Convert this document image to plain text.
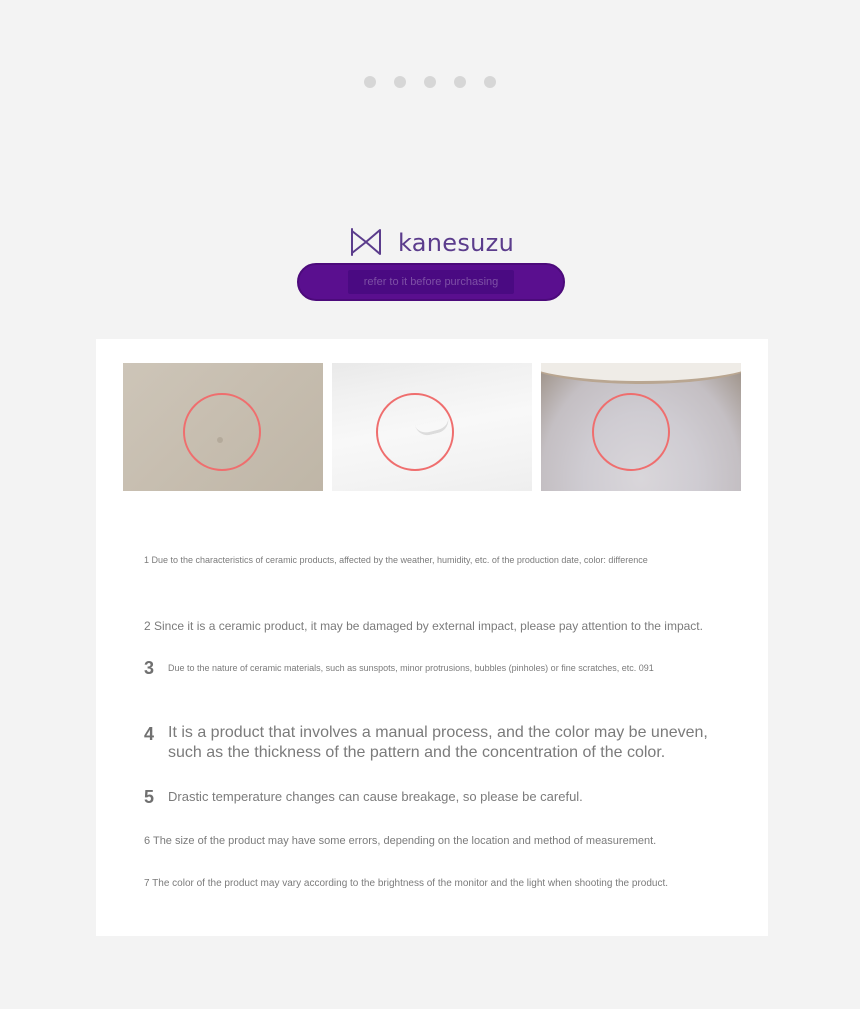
kanesuzu
refer to it before purchasing
1 Due to the characteristics of ceramic products, affected by the weather, humidity, etc. of the production date, color: difference
2 Since it is a ceramic product, it may be damaged by external impact, please pay attention to the impact.
3	Due to the nature of ceramic materials, such as sunspots, minor protrusions, bubbles (pinholes) or fine scratches, etc. 091
4 It is a product that involves a manual process, and the color may be uneven, such as the thickness of the pattern and the concentration of the color.
5	Drastic temperature changes can cause breakage, so please be careful.
6 The size of the product may have some errors, depending on the location and method of measurement.
7 The color of the product may vary according to the brightness of the monitor and the light when shooting the product.
